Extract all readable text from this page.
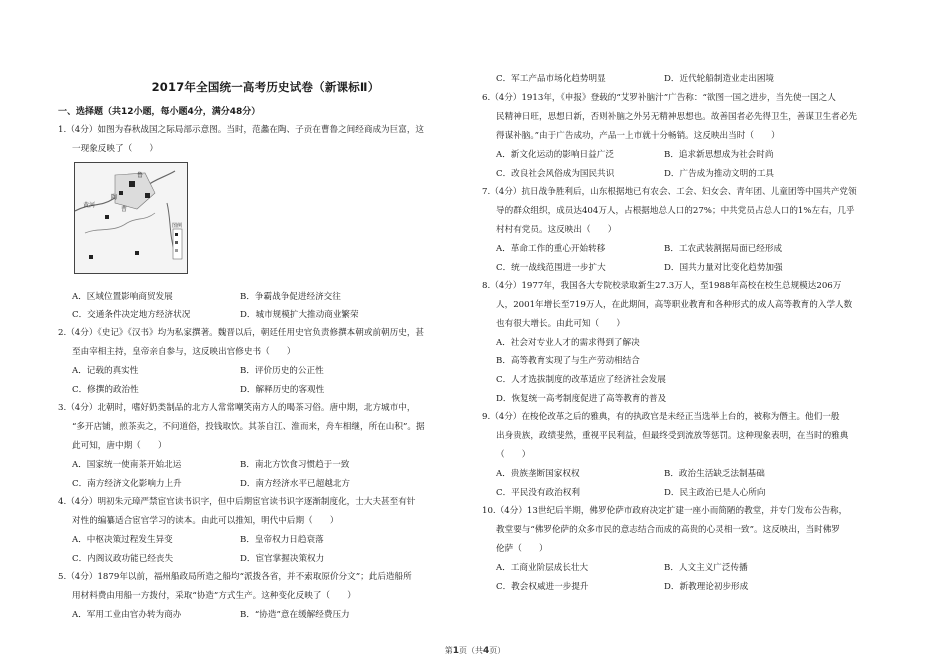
2017年全国统一高考历史试卷（新课标Ⅱ）
一、选择题（共12小题，每小题4分，满分48分）

1.（4分）如图为春秋战国之际局部示意图。当时，范蠡在陶、子贡在曹鲁之间经商成为巨富，这

一现象反映了（　　）

鲁
陶
曹
黄河
图例
A．区域位置影响商贸发展	B．争霸战争促进经济交往
C．交通条件决定地方经济状况	D．城市规模扩大推动商业繁荣

2.（4分）《史记》《汉书》均为私家撰著。魏晋以后，朝廷任用史官负责修撰本朝或前朝历史，甚

至由宰相主持，皇帝亲自参与，这反映出官修史书（　　）

A．记载的真实性	B．评价历史的公正性
C．修撰的政治性	D．解释历史的客观性

3.（4分）北朝时，嗜好奶类制品的北方人常常嘲笑南方人的喝茶习俗。唐中期，北方城市中，

“多开店铺，煎茶卖之，不问道俗，投钱取饮。其茶自江、淮而来，舟车相继，所在山积”。据

此可知，唐中期（　　）

A．国家统一使南茶开始北运	B．南北方饮食习惯趋于一致
C．南方经济文化影响力上升	D．南方经济水平已超越北方

4.（4分）明初朱元璋严禁宦官读书识字，但中后期宦官读书识字逐渐制度化，士大夫甚至有针

对性的编纂适合宦官学习的读本。由此可以推知，明代中后期（　　）

A．中枢决策过程发生异变	B．皇帝权力日趋衰落
C．内阁议政功能已经丧失	D．宦官掌握决策权力

5.（4分）1879年以前，福州船政局所造之船均“派拨各省，并不索取原价分文”；此后造船所

用材料费由用船一方拨付，采取“协造”方式生产。这种变化反映了（　　）

A．军用工业由官办转为商办	B．“协造”意在缓解经费压力
C．军工产品市场化趋势明显	D．近代轮船制造业走出困境

6.（4分）1913年，《申报》登载的“艾罗补脑汁”广告称：“欲图一国之进步，当先使一国之人

民精神日旺，思想日新，否则补脑之外另无精神思想也。故善国者必先得卫生，善谋卫生者必先

得谋补脑。”由于广告成功，产品一上市就十分畅销。这反映出当时（　　）

A．新文化运动的影响日益广泛	B．追求新思想成为社会时尚
C．改良社会风俗成为国民共识	D．广告成为推动文明的工具

7.（4分）抗日战争胜利后，山东根据地已有农会、工会、妇女会、青年团、儿童团等中国共产党领

导的群众组织，成员达404万人，占根据地总人口的27%；中共党员占总人口的1%左右，几乎

村村有党员。这反映出（　　）

A．革命工作的重心开始转移	B．工农武装割据局面已经形成
C．统一战线范围进一步扩大	D．国共力量对比变化趋势加强

8.（4分）1977年，我国各大专院校录取新生27.3万人，至1988年高校在校生总规模达206万

人，2001年增长至719万人，在此期间，高等职业教育和各种形式的成人高等教育的入学人数

也有很大增长。由此可知（　　）

A．社会对专业人才的需求得到了解决
B．高等教育实现了与生产劳动相结合
C．人才选拔制度的改革适应了经济社会发展
D．恢复统一高考制度促进了高等教育的普及

9.（4分）在梭伦改革之后的雅典，有的执政官是未经正当选举上台的，被称为僭主。他们一般

出身贵族，政绩斐然，重视平民利益，但最终受到流放等惩罚。这种现象表明，在当时的雅典

（　　）

A．贵族垄断国家权权	B．政治生活缺乏法制基础
C．平民没有政治权利	D．民主政治已是人心所向

10.（4分）13世纪后半期，佛罗伦萨市政府决定扩建一座小而简陋的教堂，并专门发布公告称，

教堂要与“佛罗伦萨的众多市民的意志结合而成的高贵的心灵相一致”。这反映出，当时佛罗

伦萨（　　）

A．工商业阶层成长壮大	B．人文主义广泛传播
C．教会权威进一步提升	D．新教理论初步形成
第1页（共4页）
